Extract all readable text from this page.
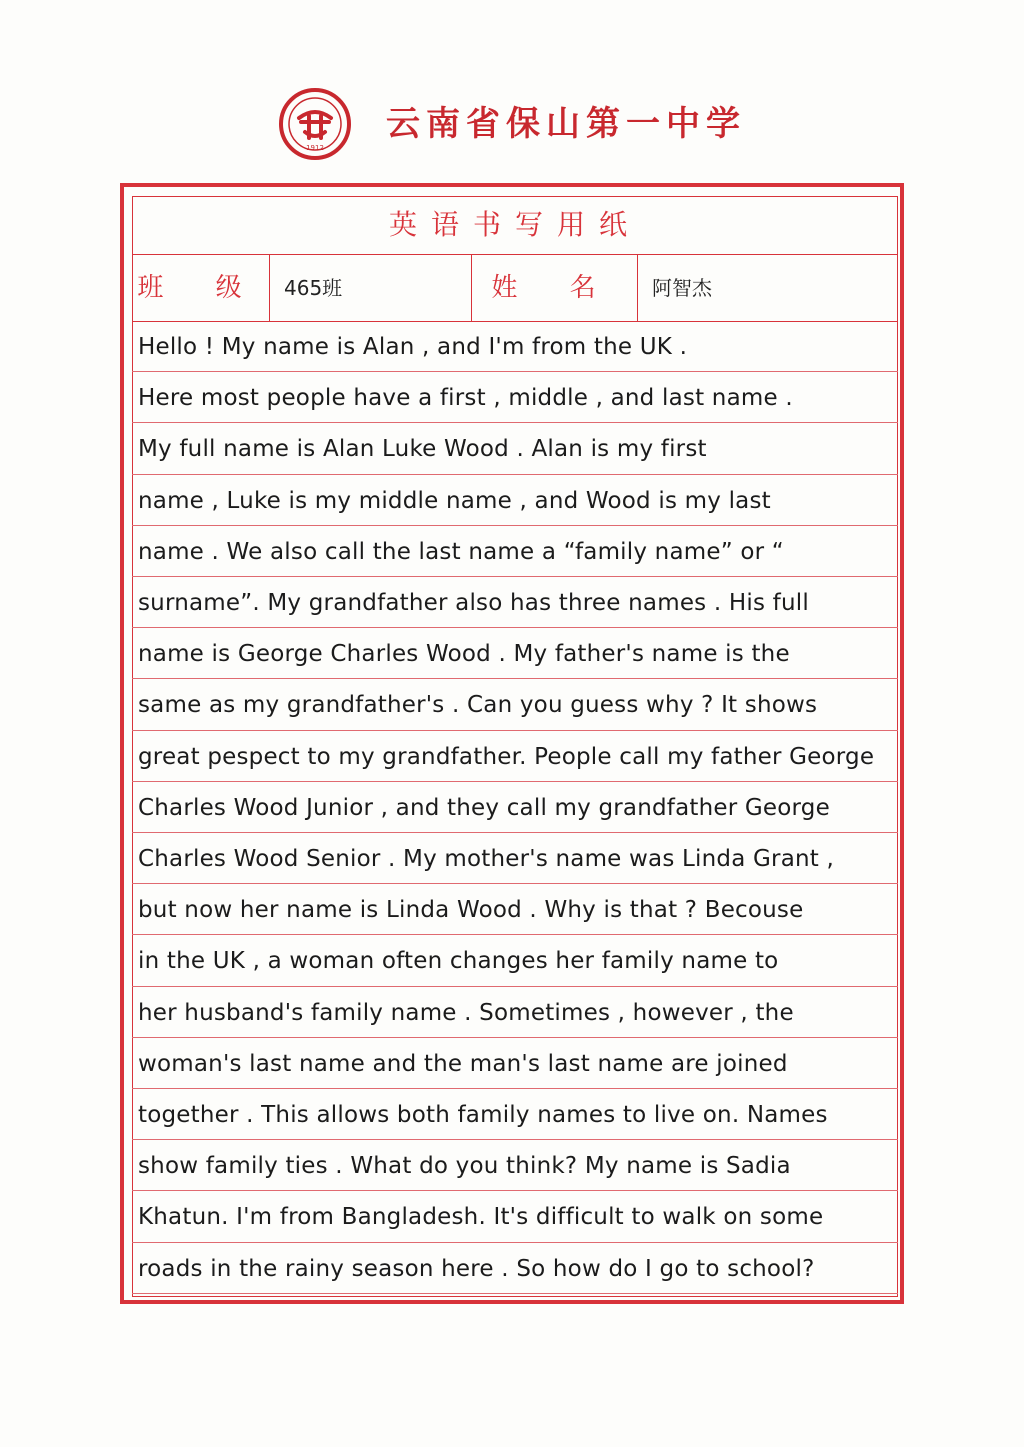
1912
云南省保山第一中学
英语书写用纸
班 级	465班	姓 名	阿智杰
Hello ! My name is Alan , and I'm from the UK .
Here most people have a first , middle , and last name .
My full name is Alan Luke Wood . Alan is my first
name , Luke is my middle name , and Wood is my last
name . We also call the last name a “family name” or “
surname”. My grandfather also has three names . His full
name is George Charles Wood . My father's name is the
same as my grandfather's . Can you guess why ? It shows
great pespect to my grandfather. People call my father George
Charles Wood Junior , and they call my grandfather George
Charles Wood Senior . My mother's name was Linda Grant ,
but now her name is Linda Wood . Why is that ? Becouse
in the UK , a woman often changes her family name to
her husband's family name . Sometimes , however , the
woman's last name and the man's last name are joined
together . This allows both family names to live on. Names
show family ties . What do you think? My name is Sadia
Khatun. I'm from Bangladesh. It's difficult to walk on some
roads in the rainy season here . So how do I go to school?
